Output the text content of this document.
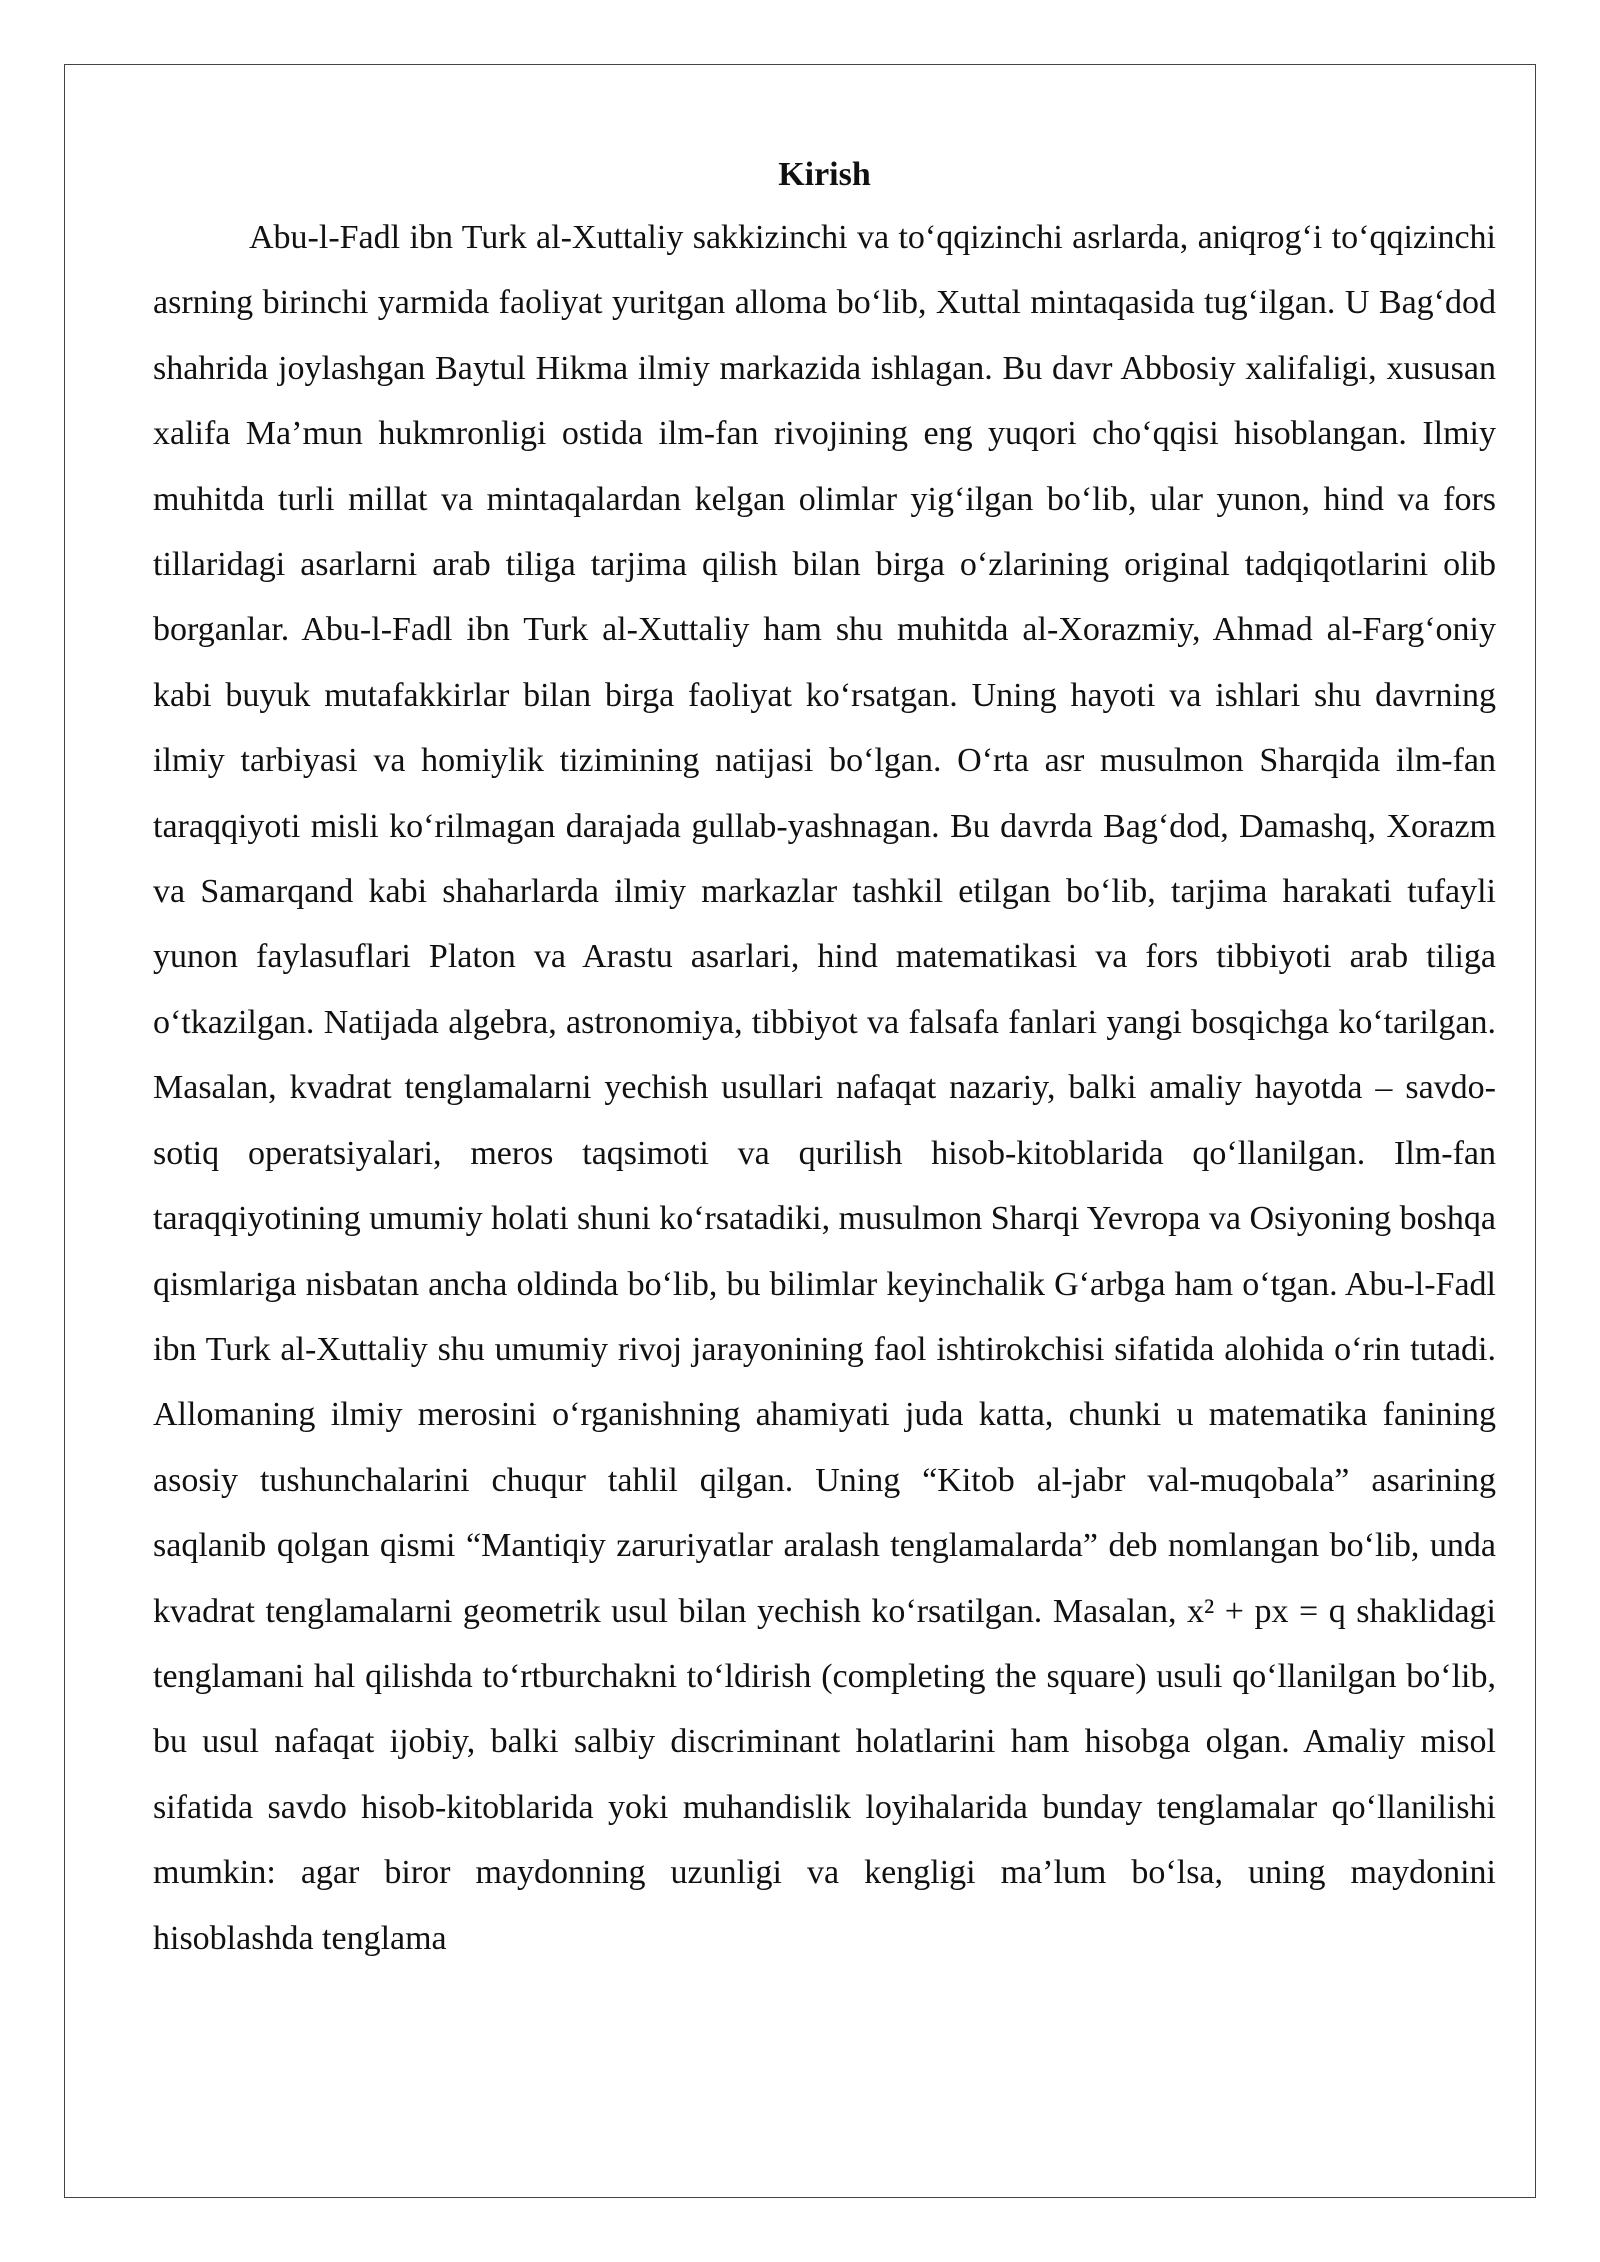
Kirish

Abu-l-Fadl ibn Turk al-Xuttaliy sakkizinchi va to‘qqizinchi asrlarda, aniqrog‘i to‘qqizinchi asrning birinchi yarmida faoliyat yuritgan alloma bo‘lib, Xuttal mintaqasida tug‘ilgan. U Bag‘dod shahrida joylashgan Baytul Hikma ilmiy markazida ishlagan. Bu davr Abbosiy xalifaligi, xususan xalifa Ma’mun hukmronligi ostida ilm-fan rivojining eng yuqori cho‘qqisi hisoblangan. Ilmiy muhitda turli millat va mintaqalardan kelgan olimlar yig‘ilgan bo‘lib, ular yunon, hind va fors tillaridagi asarlarni arab tiliga tarjima qilish bilan birga o‘zlarining original tadqiqotlarini olib borganlar. Abu-l-Fadl ibn Turk al-Xuttaliy ham shu muhitda al-Xorazmiy, Ahmad al-Farg‘oniy kabi buyuk mutafakkirlar bilan birga faoliyat ko‘rsatgan. Uning hayoti va ishlari shu davrning ilmiy tarbiyasi va homiylik tizimining natijasi bo‘lgan. O‘rta asr musulmon Sharqida ilm-fan taraqqiyoti misli ko‘rilmagan darajada gullab-yashnagan. Bu davrda Bag‘dod, Damashq, Xorazm va Samarqand kabi shaharlarda ilmiy markazlar tashkil etilgan bo‘lib, tarjima harakati tufayli yunon faylasuflari Platon va Arastu asarlari, hind matematikasi va fors tibbiyoti arab tiliga o‘tkazilgan. Natijada algebra, astronomiya, tibbiyot va falsafa fanlari yangi bosqichga ko‘tarilgan. Masalan, kvadrat tenglamalarni yechish usullari nafaqat nazariy, balki amaliy hayotda – savdo-sotiq operatsiyalari, meros taqsimoti va qurilish hisob-kitoblarida qo‘llanilgan. Ilm-fan taraqqiyotining umumiy holati shuni ko‘rsatadiki, musulmon Sharqi Yevropa va Osiyoning boshqa qismlariga nisbatan ancha oldinda bo‘lib, bu bilimlar keyinchalik G‘arbga ham o‘tgan. Abu-l-Fadl ibn Turk al-Xuttaliy shu umumiy rivoj jarayonining faol ishtirokchisi sifatida alohida o‘rin tutadi. Allomaning ilmiy merosini o‘rganishning ahamiyati juda katta, chunki u matematika fanining asosiy tushunchalarini chuqur tahlil qilgan. Uning “Kitob al-jabr val-muqobala” asarining saqlanib qolgan qismi “Mantiqiy zaruriyatlar aralash tenglamalarda” deb nomlangan bo‘lib, unda kvadrat tenglamalarni geometrik usul bilan yechish ko‘rsatilgan. Masalan, x² + px = q shaklidagi tenglamani hal qilishda to‘rtburchakni to‘ldirish (completing the square) usuli qo‘llanilgan bo‘lib, bu usul nafaqat ijobiy, balki salbiy discriminant holatlarini ham hisobga olgan. Amaliy misol sifatida savdo hisob-kitoblarida yoki muhandislik loyihalarida bunday tenglamalar qo‘llanilishi mumkin: agar biror maydonning uzunligi va kengligi ma’lum bo‘lsa, uning maydonini hisoblashda tenglama
